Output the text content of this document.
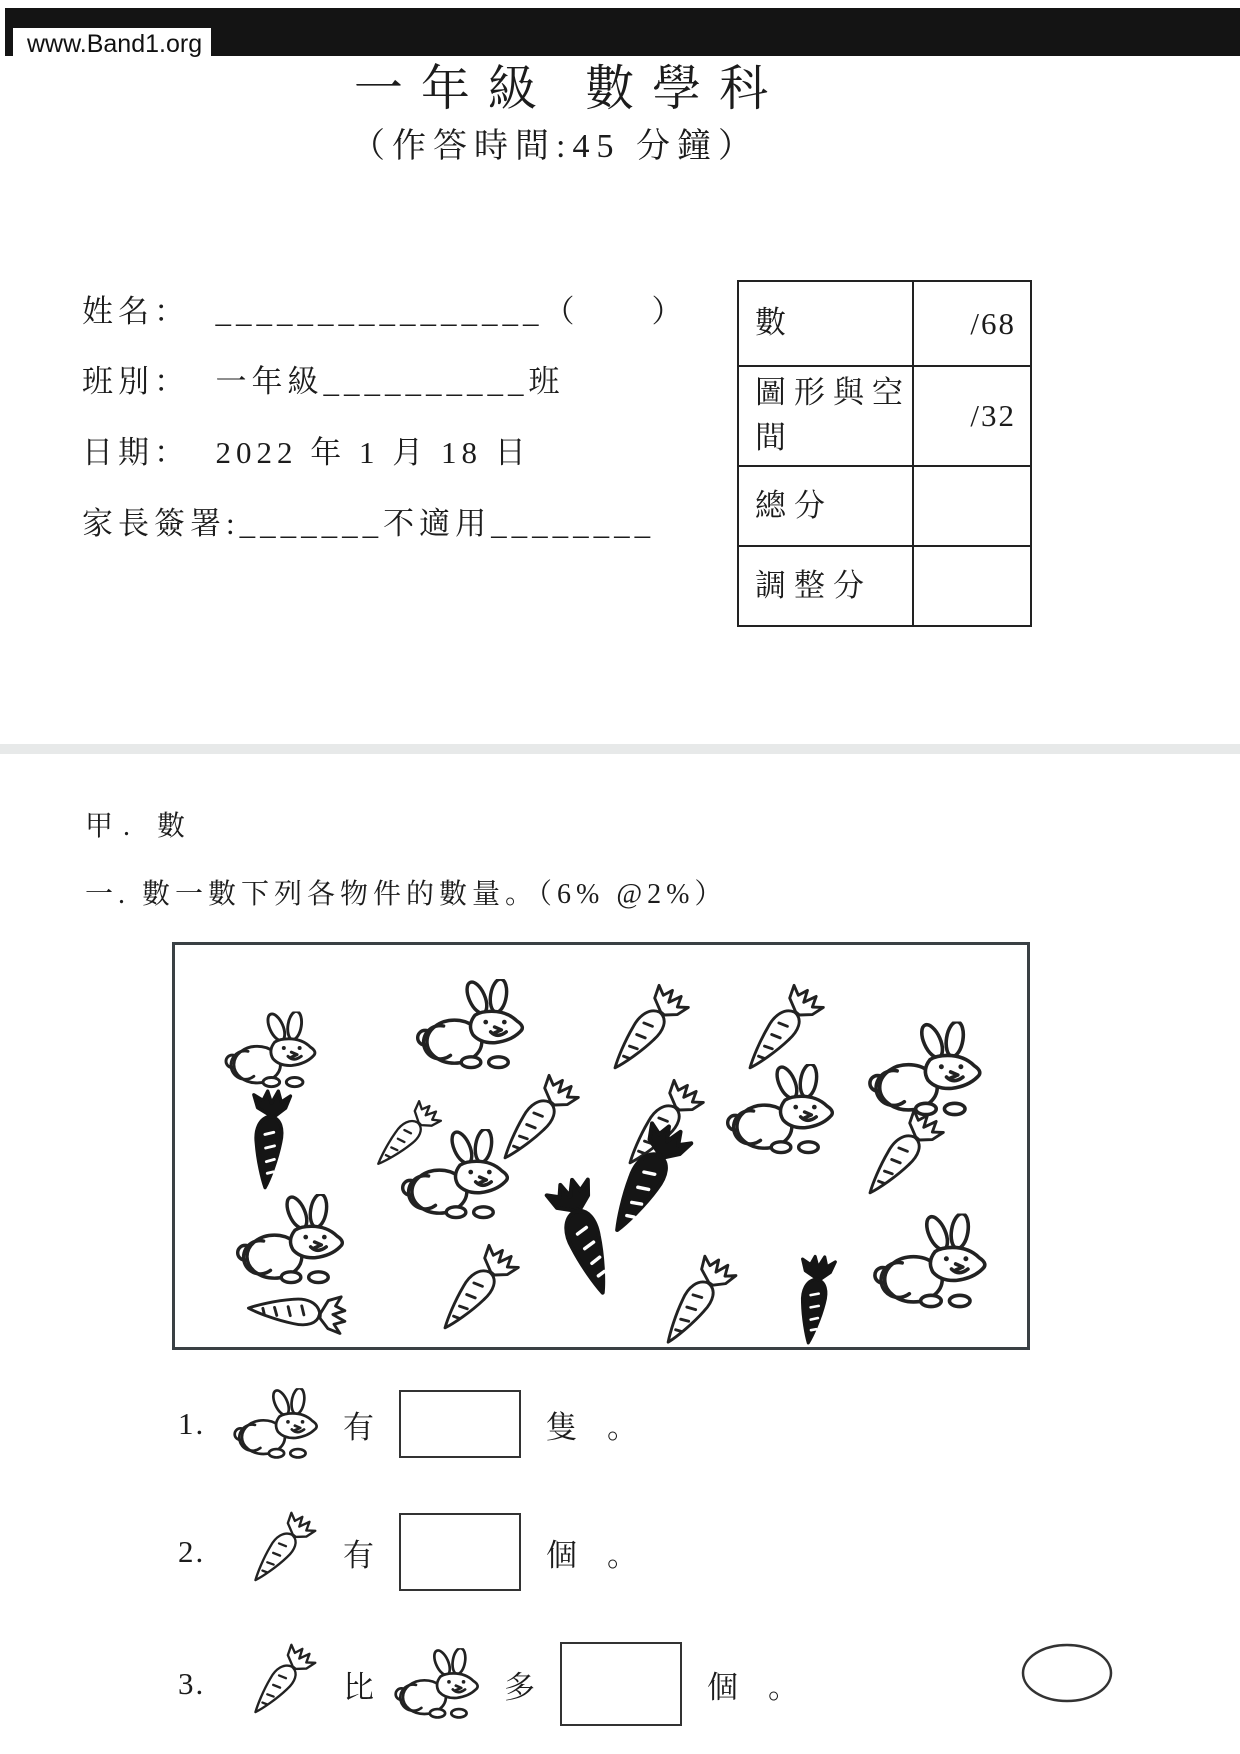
www.Band1.org
一年級 數學科
（作答時間:45 分鐘）
姓名：  ________________（　　）
班別：  一年級__________班
日期：  2022 年 1 月 18 日
家長簽署:_______不適用________
數	/68
圖形與空間	/32
總分	
調整分	
甲. 數
一. 數一數下列各物件的數量。（6% @2%）
1.	有	隻 。
2.	有	個 。
3.	比	多	個 。
